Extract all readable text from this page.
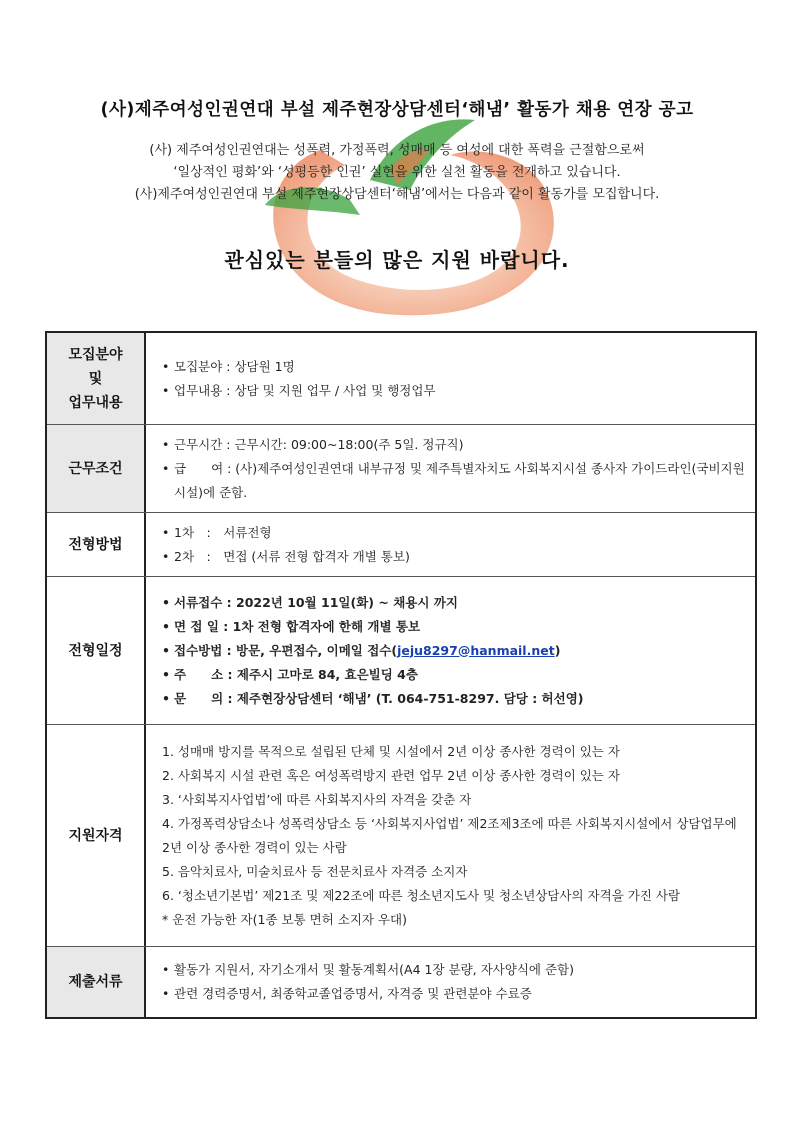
(사)제주여성인권연대 부설 제주현장상담센터‘해냄’ 활동가 채용 연장 공고
(사) 제주여성인권연대는 성폭력, 가정폭력, 성매매 등 여성에 대한 폭력을 근절함으로써
‘일상적인 평화’와 ‘성평등한 인권’ 실현을 위한 실천 활동을 전개하고 있습니다.
(사)제주여성인권연대 부설 제주현장상담센터‘해냄’에서는 다음과 같이 활동가를 모집합니다.
관심있는 분들의 많은 지원 바랍니다.
모집분야
및
업무내용
• 모집분야 : 상담원 1명
• 업무내용 : 상담 및 지원 업무 / 사업 및 행정업무
근무조건
• 근무시간 : 근무시간: 09:00~18:00(주 5일. 정규직)
• 급　　여 : (사)제주여성인권연대 내부규정 및 제주특별자치도 사회복지시설 종사자 가이드라인(국비지원시설)에 준함.
전형방법
• 1차　:　서류전형
• 2차　:　면접 (서류 전형 합격자 개별 통보)
전형일정
• 서류접수 : 2022년 10월 11일(화) ~ 채용시 까지
• 면 접 일 : 1차 전형 합격자에 한해 개별 통보
• 접수방법 : 방문, 우편접수, 이메일 접수(jeju8297@hanmail.net)
• 주　　소 : 제주시 고마로 84, 효은빌딩 4층
• 문　　의 : 제주현장상담센터 ‘해냄’ (T. 064-751-8297. 담당 : 허선영)
지원자격
1. 성매매 방지를 목적으로 설립된 단체 및 시설에서 2년 이상 종사한 경력이 있는 자
2. 사회복지 시설 관련 혹은 여성폭력방지 관련 업무 2년 이상 종사한 경력이 있는 자
3. ‘사회복지사업법’에 따른 사회복지사의 자격을 갖춘 자
4. 가정폭력상담소나 성폭력상담소 등 ‘사회복지사업법’ 제2조제3조에 따른 사회복지시설에서 상담업무에 2년 이상 종사한 경력이 있는 사람
5. 음악치료사, 미술치료사 등 전문치료사 자격증 소지자
6. ‘청소년기본법’ 제21조 및 제22조에 따른 청소년지도사 및 청소년상담사의 자격을 가진 사람
* 운전 가능한 자(1종 보통 면허 소지자 우대)
제출서류
• 활동가 지원서, 자기소개서 및 활동계획서(A4 1장 분량, 자사양식에 준함)
• 관련 경력증명서, 최종학교졸업증명서, 자격증 및 관련분야 수료증
